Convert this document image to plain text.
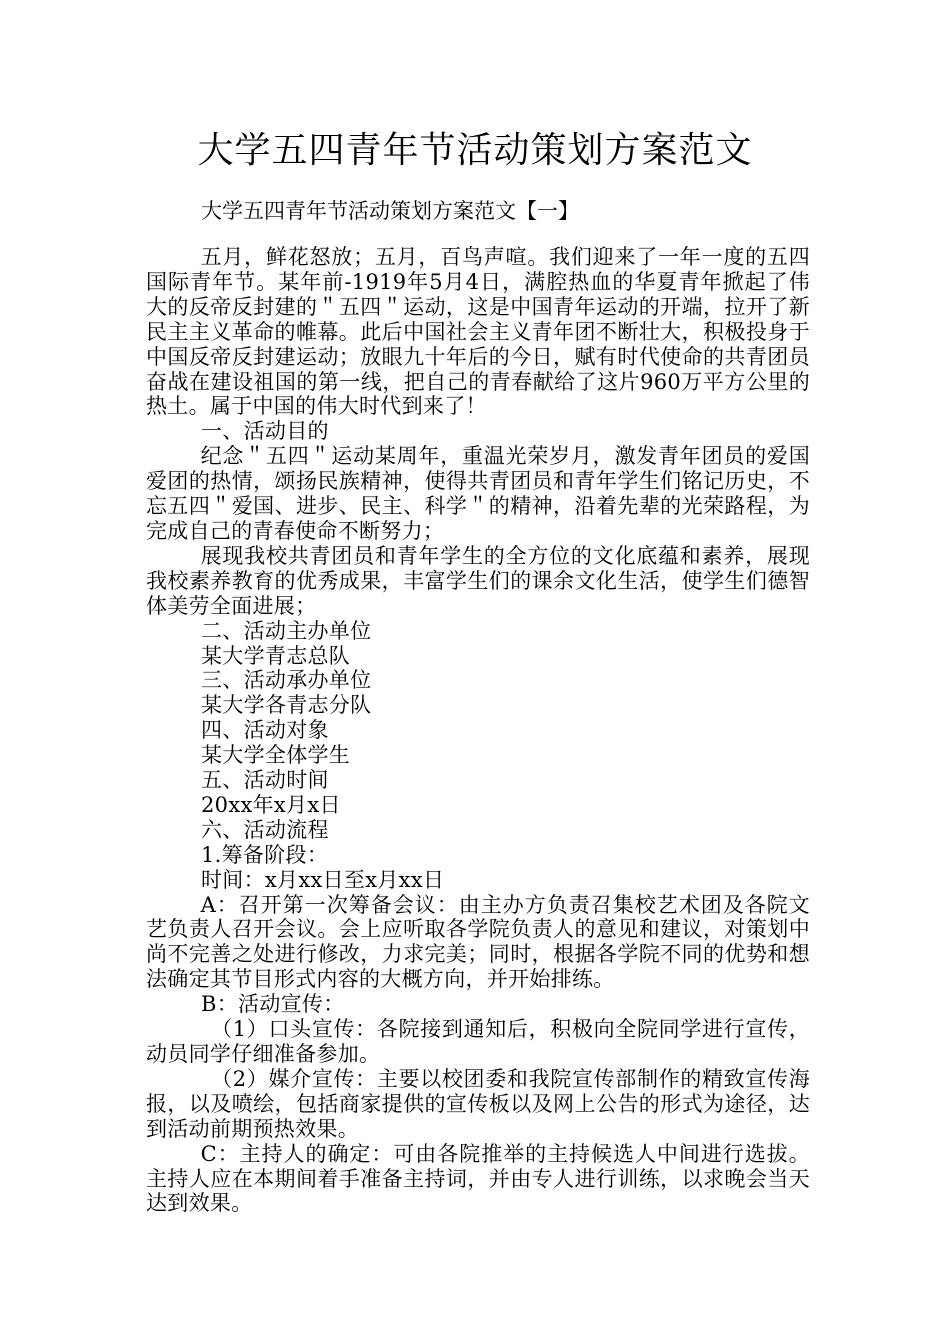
大学五四青年节活动策划方案范文
大学五四青年节活动策划方案范文【一】

五月，鲜花怒放；五月，百鸟声喧。我们迎来了一年一度的五四国际青年节。某年前-1919年5月4日，满腔热血的华夏青年掀起了伟大的反帝反封建的＂五四＂运动，这是中国青年运动的开端，拉开了新民主主义革命的帷幕。此后中国社会主义青年团不断壮大，积极投身于中国反帝反封建运动；放眼九十年后的今日，赋有时代使命的共青团员奋战在建设祖国的第一线，把自己的青春献给了这片960万平方公里的热土。属于中国的伟大时代到来了！

一、活动目的

纪念＂五四＂运动某周年，重温光荣岁月，激发青年团员的爱国爱团的热情，颂扬民族精神，使得共青团员和青年学生们铭记历史，不忘五四＂爱国、进步、民主、科学＂的精神，沿着先辈的光荣路程，为完成自己的青春使命不断努力；

展现我校共青团员和青年学生的全方位的文化底蕴和素养，展现我校素养教育的优秀成果，丰富学生们的课余文化生活，使学生们德智体美劳全面进展；

二、活动主办单位

某大学青志总队

三、活动承办单位

某大学各青志分队

四、活动对象

某大学全体学生

五、活动时间

20xx年x月x日

六、活动流程

1.筹备阶段：

时间：x月xx日至x月xx日

A：召开第一次筹备会议：由主办方负责召集校艺术团及各院文艺负责人召开会议。会上应听取各学院负责人的意见和建议，对策划中尚不完善之处进行修改，力求完美；同时，根据各学院不同的优势和想法确定其节目形式内容的大概方向，并开始排练。

B：活动宣传：

（1）口头宣传：各院接到通知后，积极向全院同学进行宣传，动员同学仔细准备参加。

（2）媒介宣传：主要以校团委和我院宣传部制作的精致宣传海报，以及喷绘，包括商家提供的宣传板以及网上公告的形式为途径，达到活动前期预热效果。

C：主持人的确定：可由各院推举的主持候选人中间进行选拔。主持人应在本期间着手准备主持词，并由专人进行训练，以求晚会当天达到效果。
